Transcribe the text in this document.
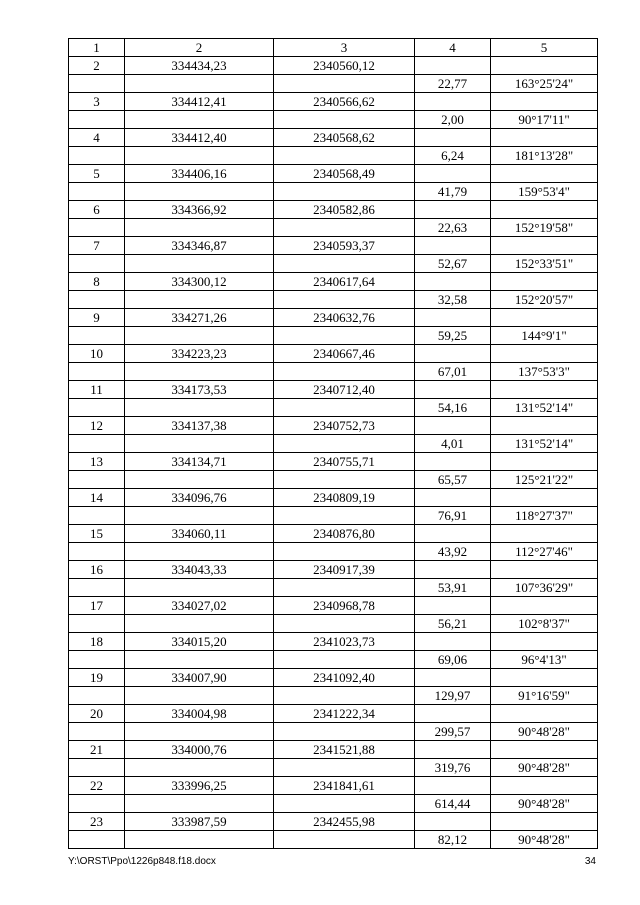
1	2	3	4	5
2	334434,23	2340560,12		
			22,77	163°25'24"
3	334412,41	2340566,62		
			2,00	90°17'11"
4	334412,40	2340568,62		
			6,24	181°13'28"
5	334406,16	2340568,49		
			41,79	159°53'4"
6	334366,92	2340582,86		
			22,63	152°19'58"
7	334346,87	2340593,37		
			52,67	152°33'51"
8	334300,12	2340617,64		
			32,58	152°20'57"
9	334271,26	2340632,76		
			59,25	144°9'1"
10	334223,23	2340667,46		
			67,01	137°53'3"
11	334173,53	2340712,40		
			54,16	131°52'14"
12	334137,38	2340752,73		
			4,01	131°52'14"
13	334134,71	2340755,71		
			65,57	125°21'22"
14	334096,76	2340809,19		
			76,91	118°27'37"
15	334060,11	2340876,80		
			43,92	112°27'46"
16	334043,33	2340917,39		
			53,91	107°36'29"
17	334027,02	2340968,78		
			56,21	102°8'37"
18	334015,20	2341023,73		
			69,06	96°4'13"
19	334007,90	2341092,40		
			129,97	91°16'59"
20	334004,98	2341222,34		
			299,57	90°48'28"
21	334000,76	2341521,88		
			319,76	90°48'28"
22	333996,25	2341841,61		
			614,44	90°48'28"
23	333987,59	2342455,98		
			82,12	90°48'28"
Y:\ORST\Ppo\1226p848.f18.docx	34
